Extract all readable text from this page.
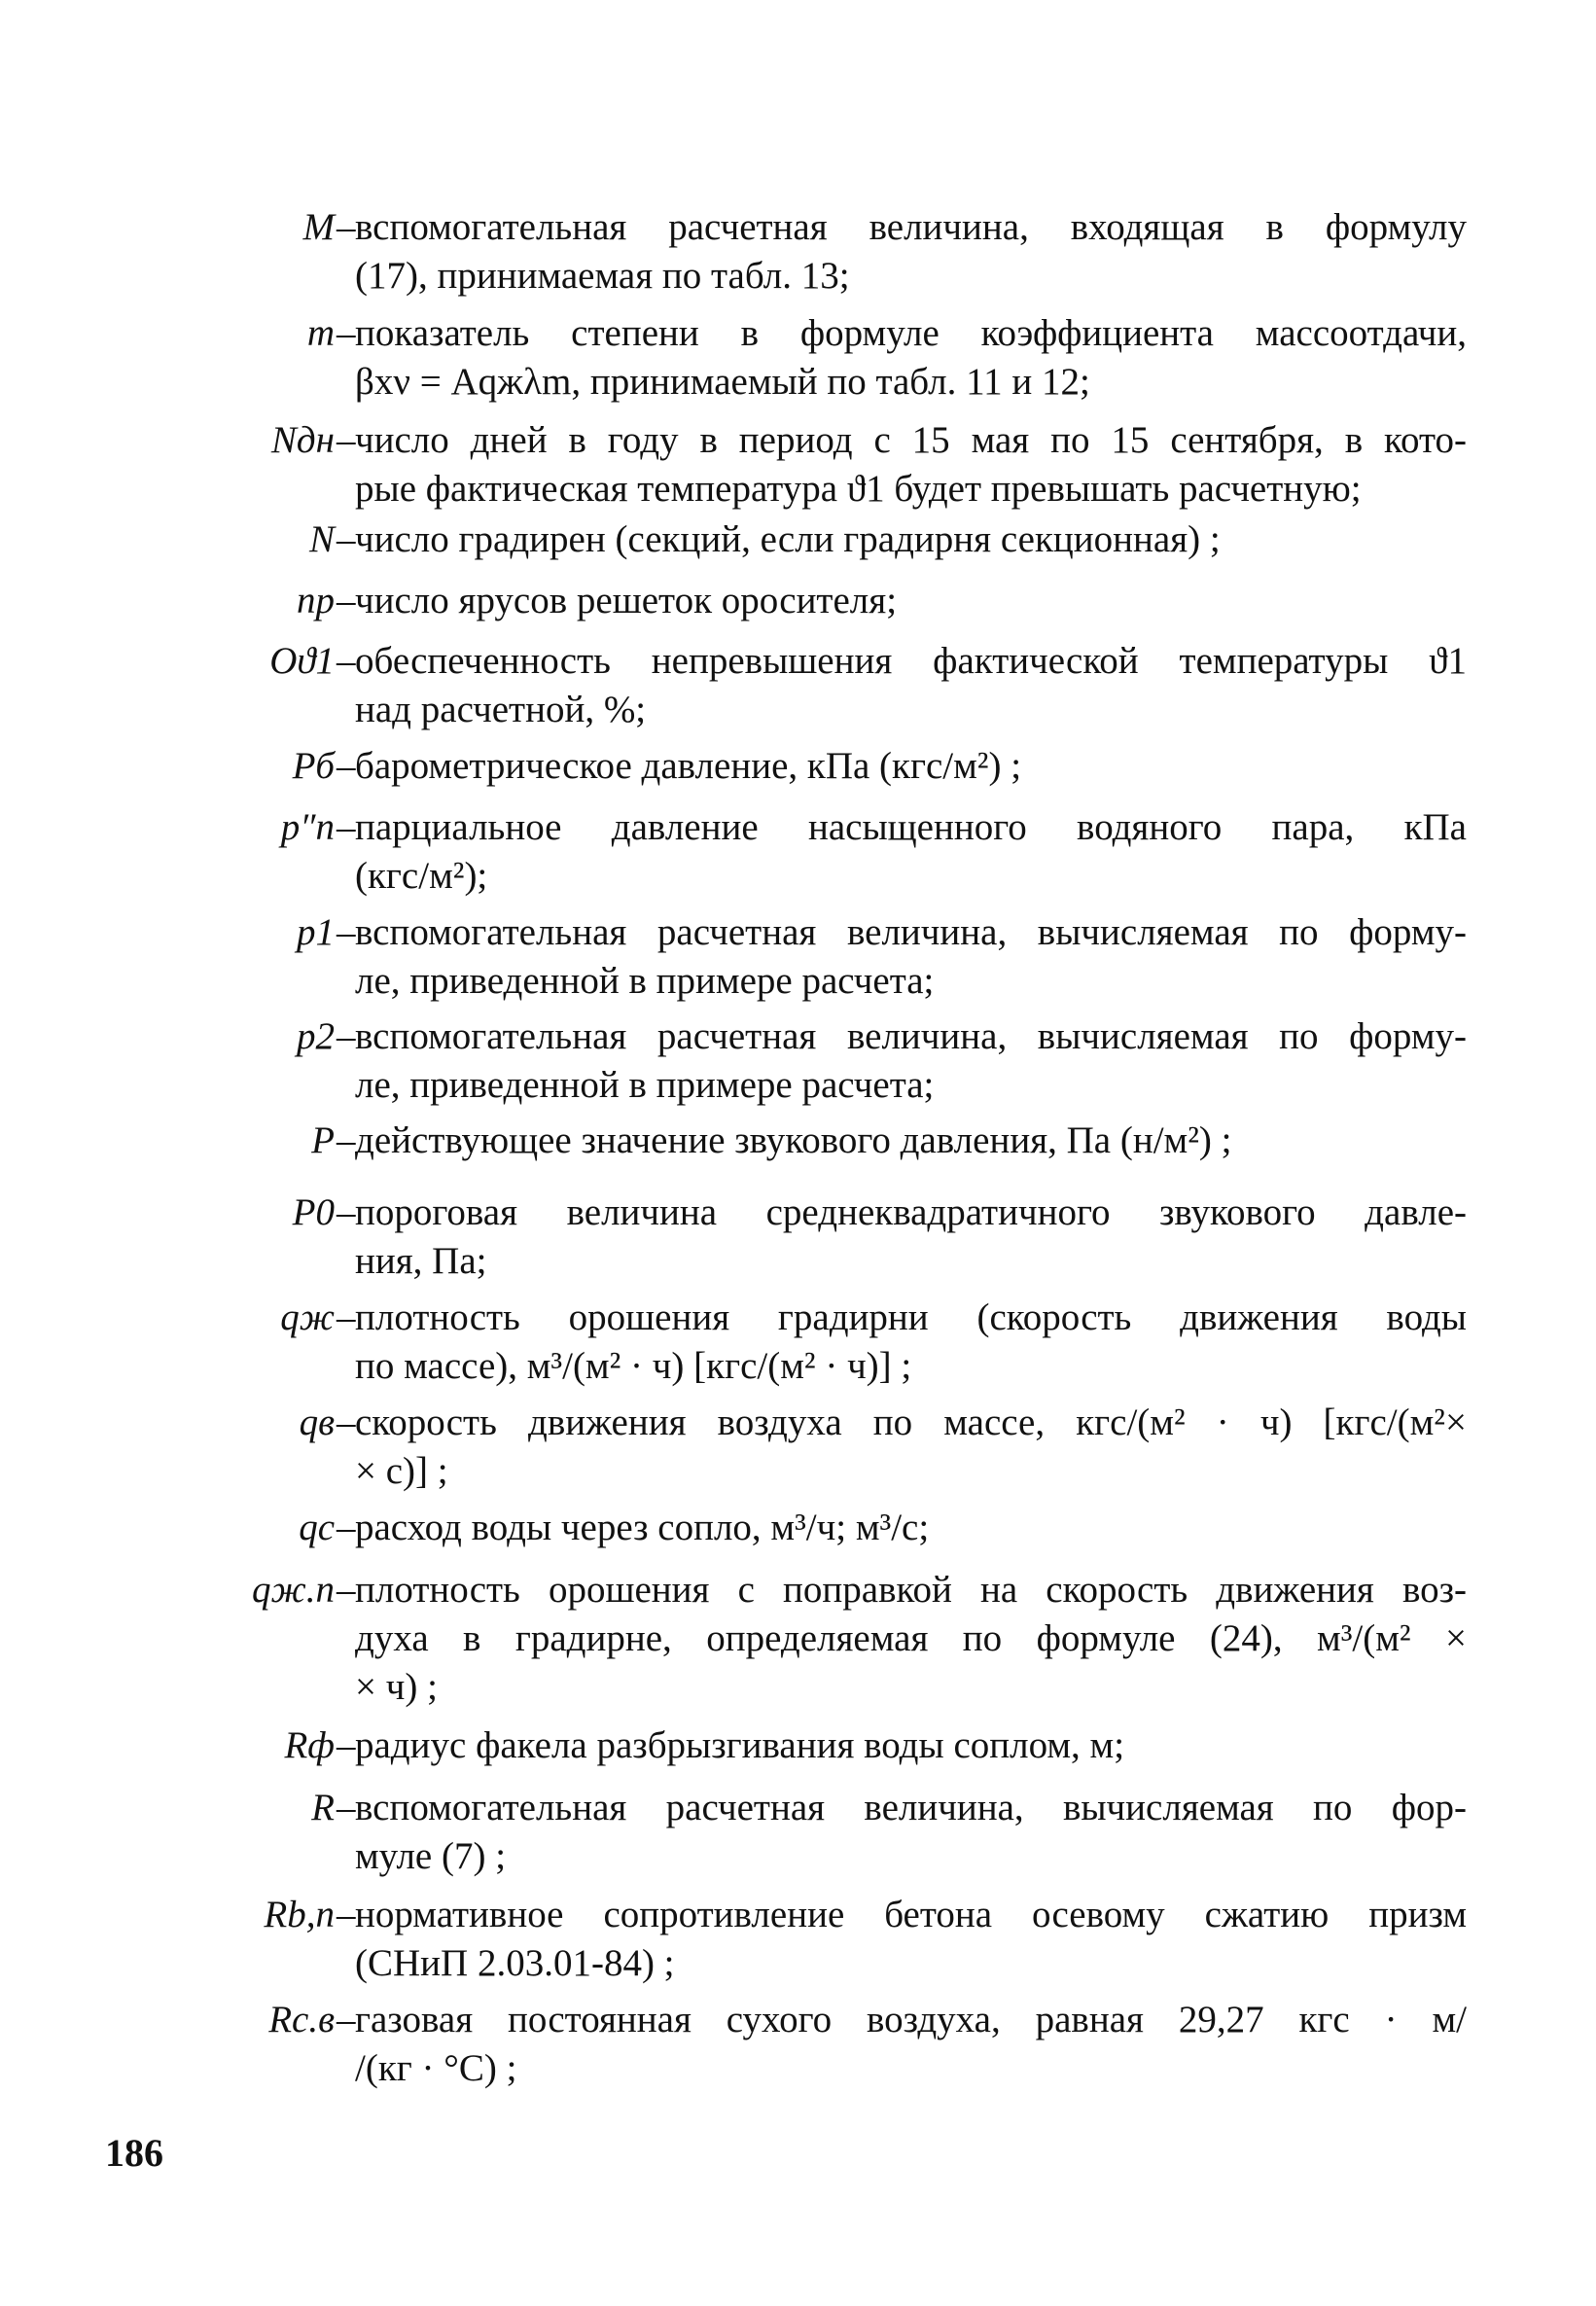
M – вспомогательная расчетная величина, входящая в формулу
(17), принимаемая по табл. 13;
m – показатель степени в формуле коэффициента массоотдачи,
βxν = Aqжλm, принимаемый по табл. 11 и 12;
Nдн – число дней в году в период с 15 мая по 15 сентября, в кото-
рые фактическая температура ϑ1 будет превышать расчетную;
N – число градирен (секций, если градирня секционная) ;
nр – число ярусов решеток оросителя;
Oϑ1 – обеспеченность непревышения фактической температуры ϑ1
над расчетной, %;
Pб – барометрическое давление, кПа (кгс/м²) ;
p″п – парциальное давление насыщенного водяного пара, кПа
(кгс/м²);
p1 – вспомогательная расчетная величина, вычисляемая по форму-
ле, приведенной в примере расчета;
p2 – вспомогательная расчетная величина, вычисляемая по форму-
ле, приведенной в примере расчета;
P – действующее значение звукового давления, Па (н/м²) ;
P0 – пороговая величина среднеквадратичного звукового давле-
ния, Па;
qж – плотность орошения градирни (скорость движения воды
по массе), м³/(м² · ч) [кгс/(м² · ч)] ;
qв – скорость движения воздуха по массе, кгс/(м² · ч) [кгс/(м²×
× с)] ;
qс – расход воды через сопло, м³/ч; м³/с;
qж.п – плотность орошения с поправкой на скорость движения воз-
духа в градирне, определяемая по формуле (24), м³/(м² ×
× ч) ;
Rф – радиус факела разбрызгивания воды соплом, м;
R – вспомогательная расчетная величина, вычисляемая по фор-
муле (7) ;
Rb,n – нормативное сопротивление бетона осевому сжатию призм
(СНиП 2.03.01-84) ;
Rс.в – газовая постоянная сухого воздуха, равная 29,27 кгс · м/
/(кг · °С) ;
186
